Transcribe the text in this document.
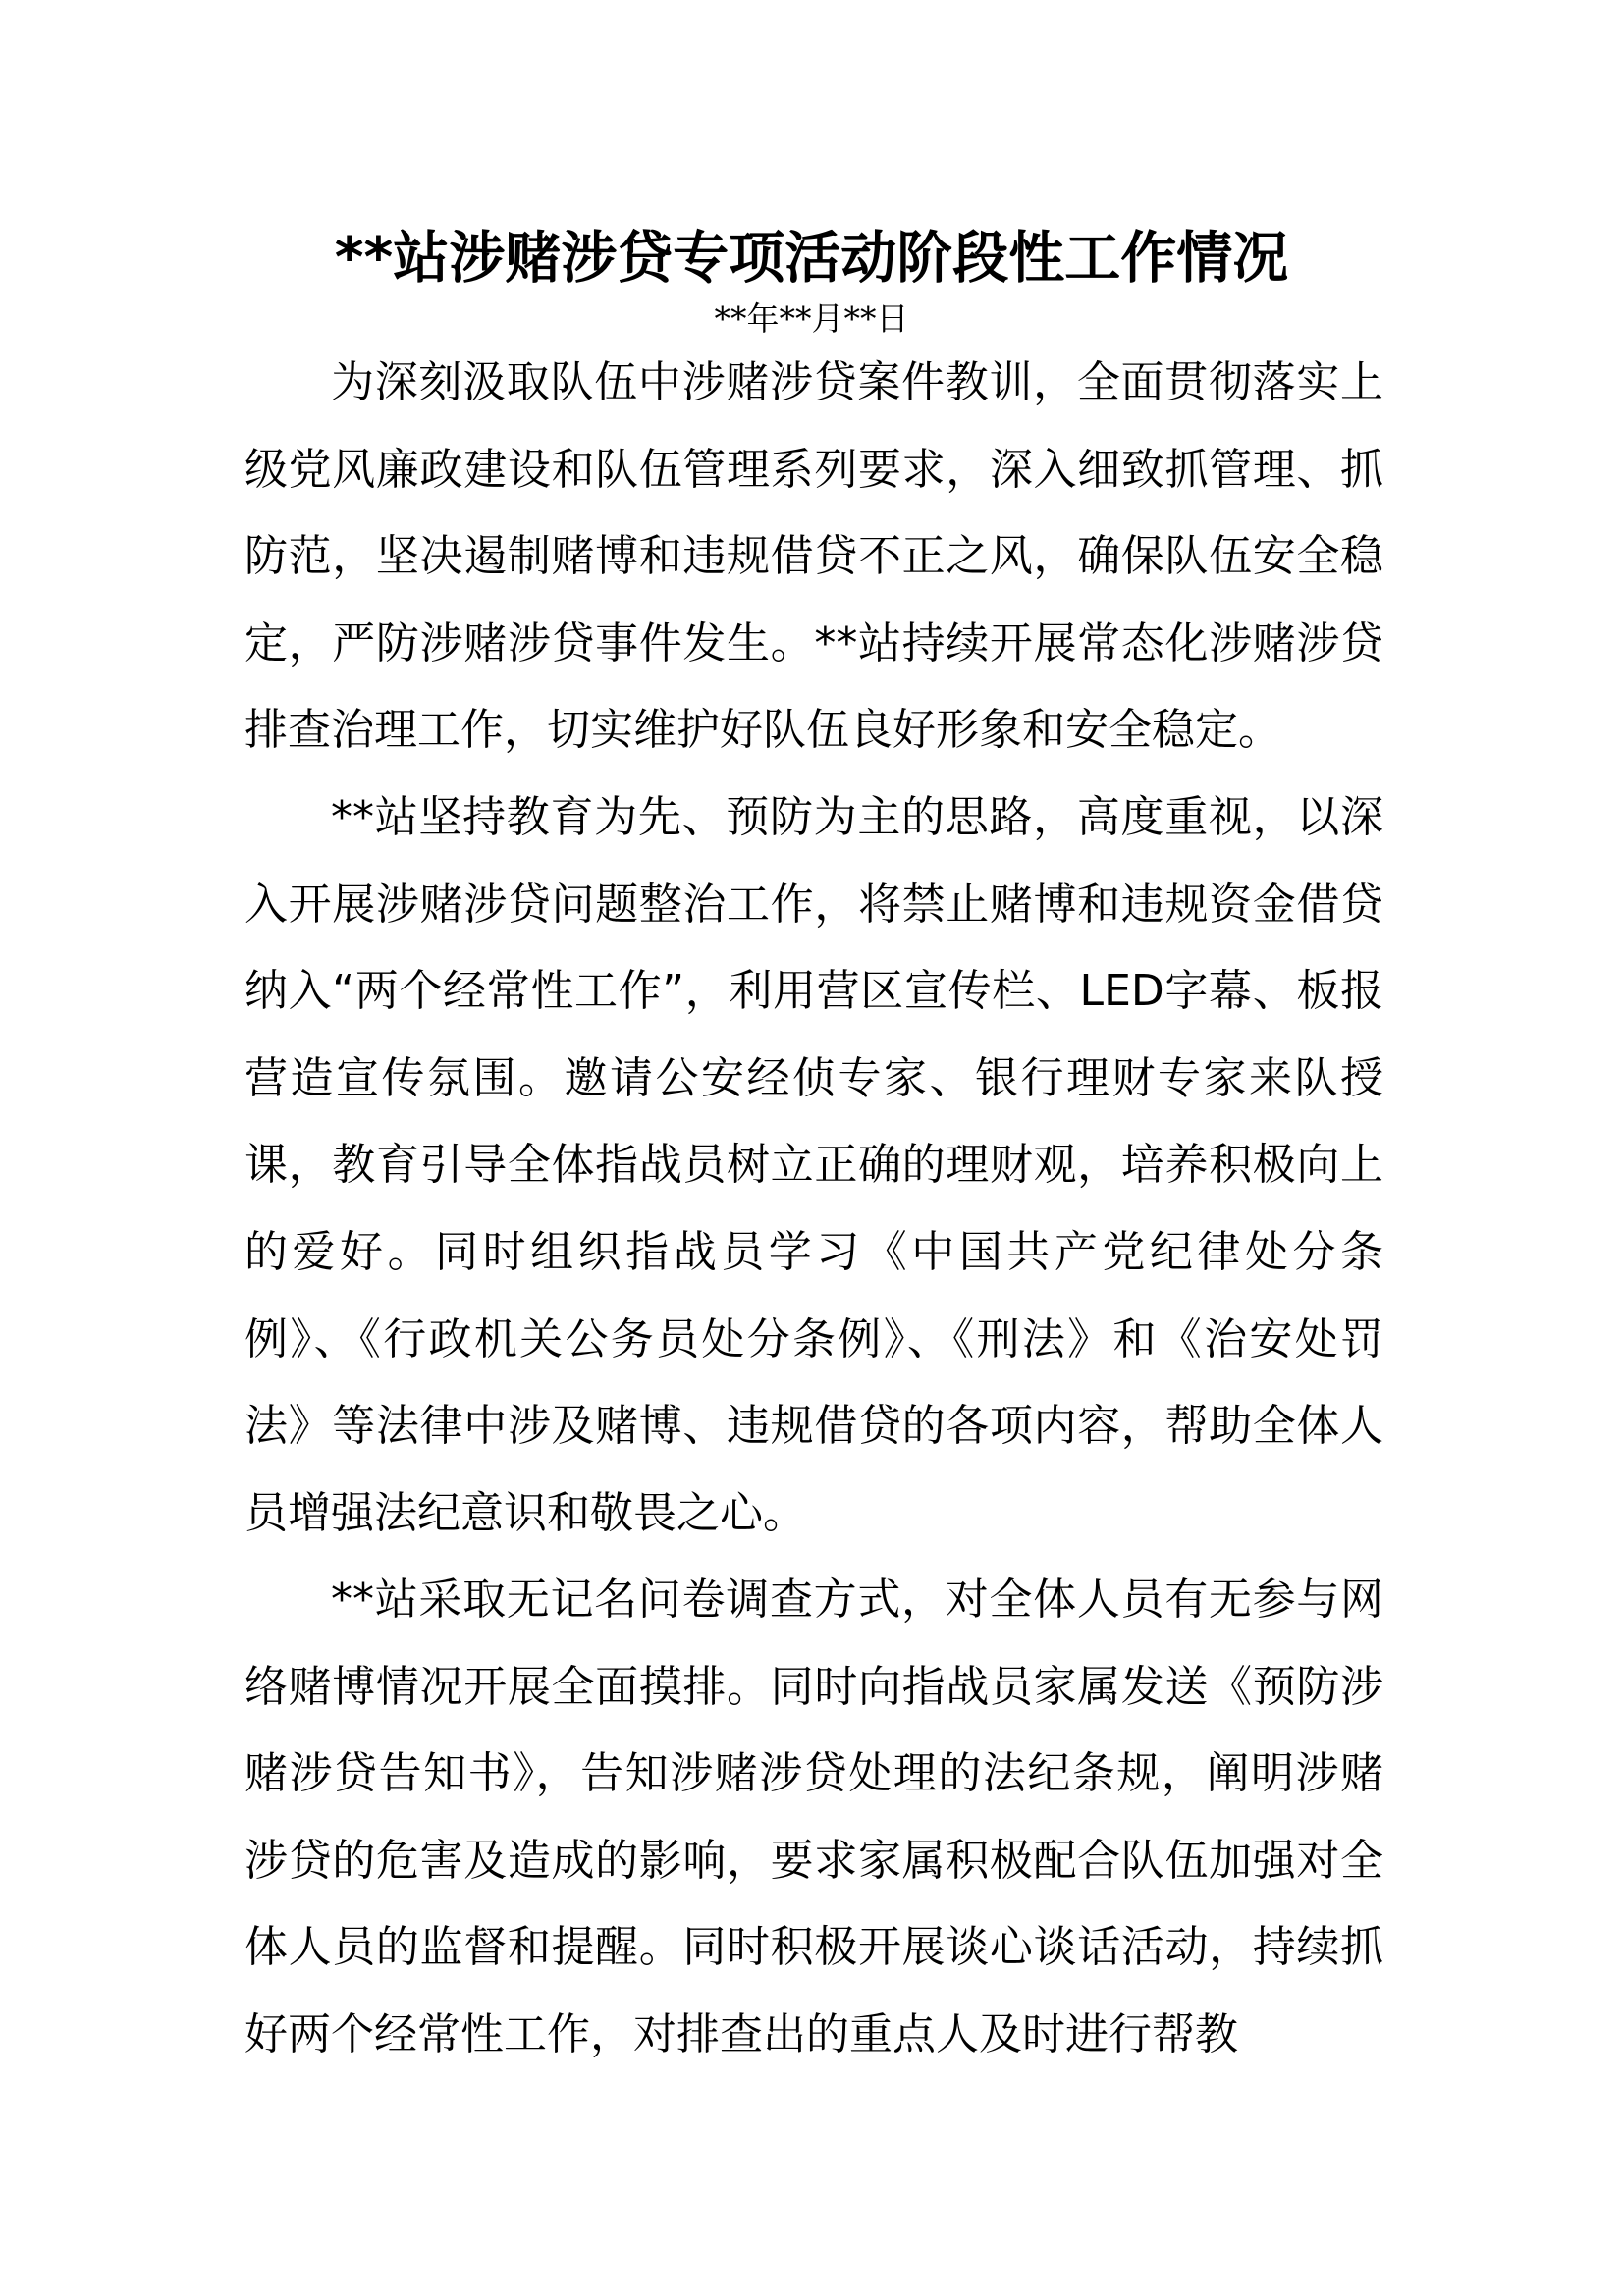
**站涉赌涉贷专项活动阶段性工作情况
**年**月**日

为深刻汲取队伍中涉赌涉贷案件教训，全面贯彻落实上级党风廉政建设和队伍管理系列要求，深入细致抓管理、抓防范，坚决遏制赌博和违规借贷不正之风，确保队伍安全稳定，严防涉赌涉贷事件发生。**站持续开展常态化涉赌涉贷排查治理工作，切实维护好队伍良好形象和安全稳定。

**站坚持教育为先、预防为主的思路，高度重视，以深入开展涉赌涉贷问题整治工作，将禁止赌博和违规资金借贷纳入“两个经常性工作”，利用营区宣传栏、LED字幕、板报营造宣传氛围。邀请公安经侦专家、银行理财专家来队授课，教育引导全体指战员树立正确的理财观，培养积极向上的爱好。同时组织指战员学习《中国共产党纪律处分条例》、《行政机关公务员处分条例》、《刑法》和《治安处罚法》等法律中涉及赌博、违规借贷的各项内容，帮助全体人员增强法纪意识和敬畏之心。

**站采取无记名问卷调查方式，对全体人员有无参与网络赌博情况开展全面摸排。同时向指战员家属发送《预防涉赌涉贷告知书》，告知涉赌涉贷处理的法纪条规，阐明涉赌涉贷的危害及造成的影响，要求家属积极配合队伍加强对全体人员的监督和提醒。同时积极开展谈心谈话活动，持续抓好两个经常性工作，对排查出的重点人及时进行帮教
